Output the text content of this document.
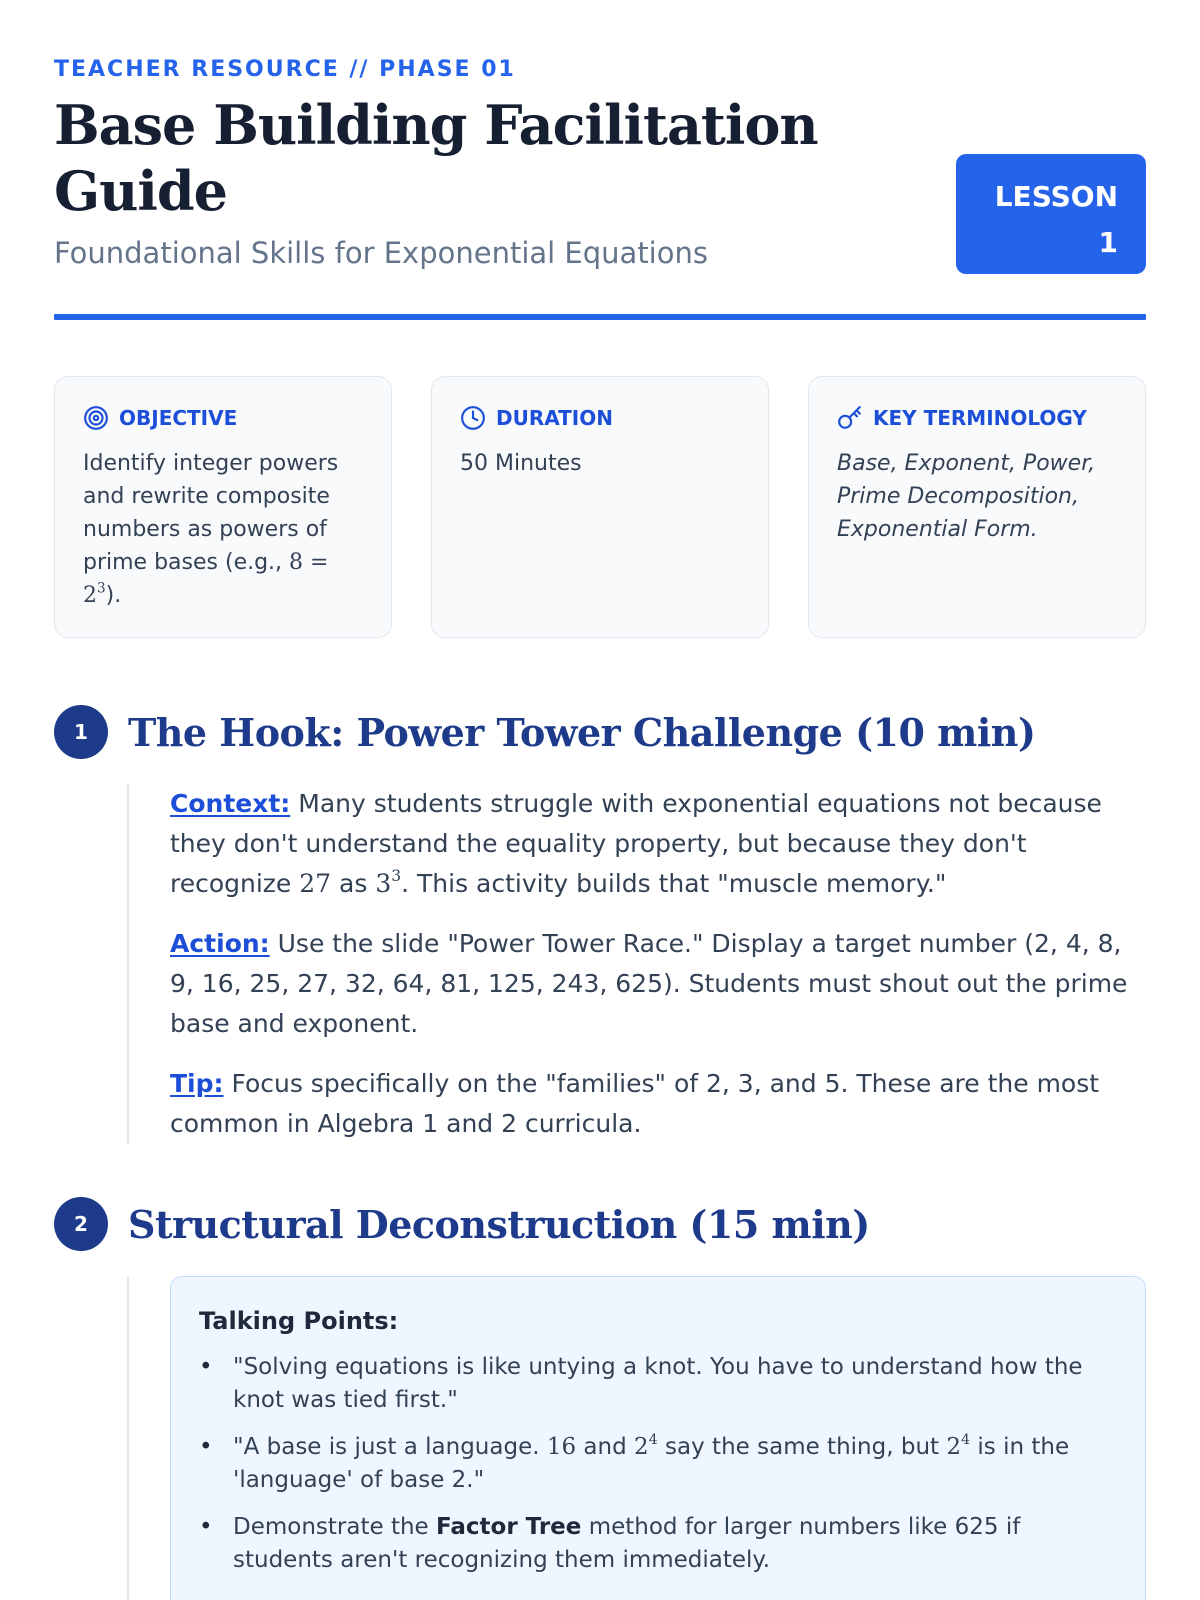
TEACHER RESOURCE // PHASE 01
Base Building Facilitation Guide
Foundational Skills for Exponential Equations
LESSON
1
OBJECTIVE
Identify integer powers and rewrite composite numbers as powers of prime bases (e.g., $8 = 2^3$).
DURATION
50 Minutes
KEY TERMINOLOGY
Base, Exponent, Power, Prime Decomposition, Exponential Form.
1	The Hook: Power Tower Challenge (10 min)

Context: Many students struggle with exponential equations not because they don't understand the equality property, but because they don't recognize 27 as $3^3$. This activity builds that "muscle memory."

Action: Use the slide "Power Tower Race." Display a target number (2, 4, 8, 9, 16, 25, 27, 32, 64, 81, 125, 243, 625). Students must shout out the prime base and exponent.

Tip: Focus specifically on the "families" of 2, 3, and 5. These are the most common in Algebra 1 and 2 curricula.

2	Structural Deconstruction (15 min)
Talking Points:
• "Solving equations is like untying a knot. You have to understand how the knot was tied first."
• "A base is just a language. 16 and $2^4$ say the same thing, but $2^4$ is in the 'language' of base 2."
• Demonstrate the Factor Tree method for larger numbers like 625 if students aren't recognizing them immediately.
